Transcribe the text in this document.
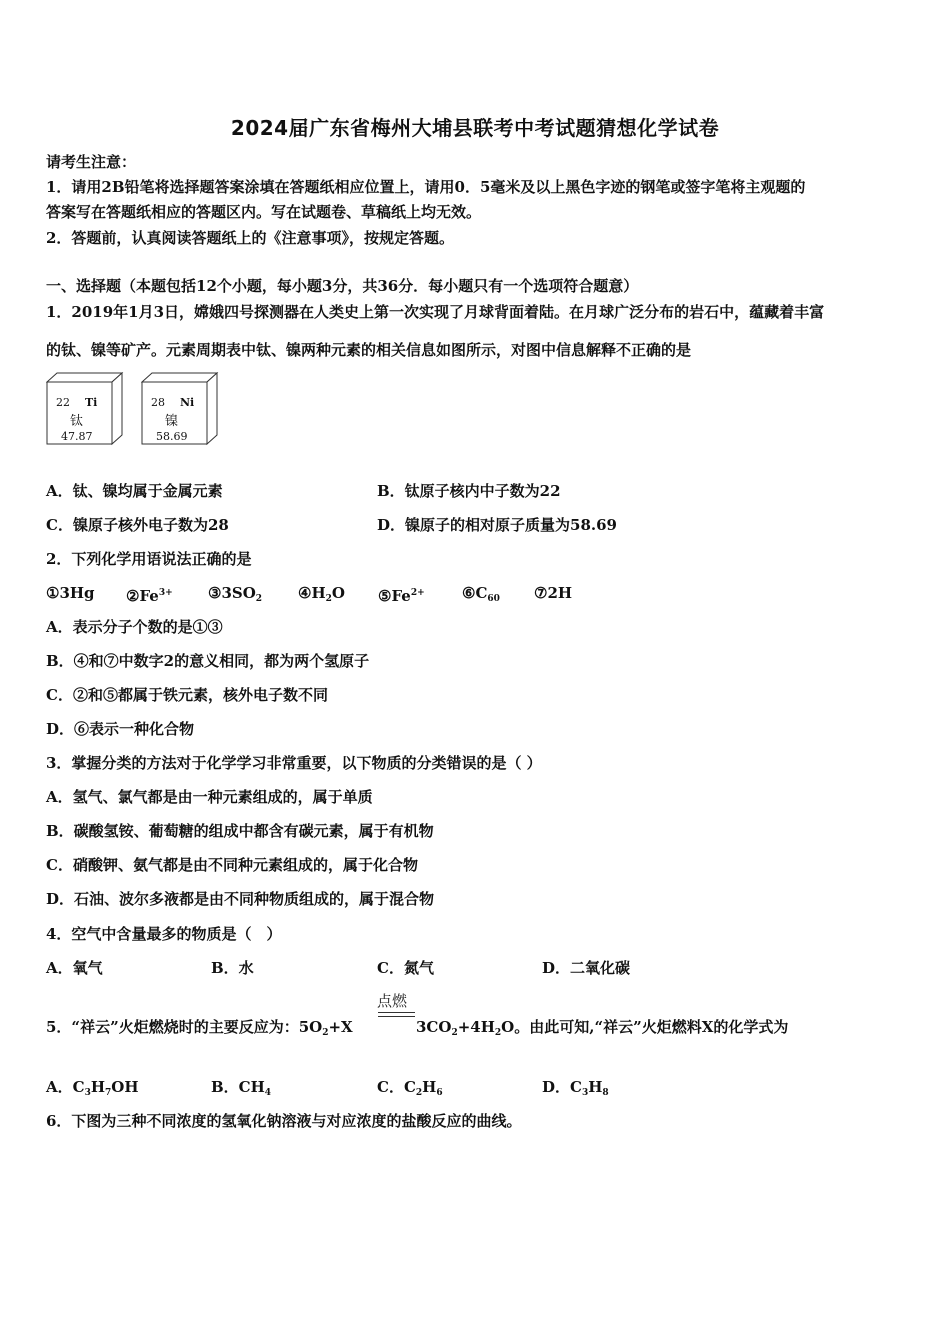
2024届广东省梅州大埔县联考中考试题猜想化学试卷
请考生注意：
1．请用2B铅笔将选择题答案涂填在答题纸相应位置上，请用0．5毫米及以上黑色字迹的钢笔或签字笔将主观题的
答案写在答题纸相应的答题区内。写在试题卷、草稿纸上均无效。
2．答题前，认真阅读答题纸上的《注意事项》，按规定答题。
一、选择题（本题包括12个小题，每小题3分，共36分．每小题只有一个选项符合题意）
1．2019年1月3日，嫦娥四号探测器在人类史上第一次实现了月球背面着陆。在月球广泛分布的岩石中，蕴藏着丰富
的钛、镍等矿产。元素周期表中钛、镍两种元素的相关信息如图所示，对图中信息解释不正确的是
22 Ti
钛
47.87
28 Ni
镍
58.69
A．钛、镍均属于金属元素	B．钛原子核内中子数为22
C．镍原子核外电子数为28	D．镍原子的相对原子质量为58.69
2．下列化学用语说法正确的是
①3Hg $②Fe^{3+}$ $③3SO_2$ $④H_2O$ $⑤Fe^{2+}$ $⑥C_{60}$ ⑦2H
A．表示分子个数的是①③
B．④和⑦中数字2的意义相同，都为两个氢原子
C．②和⑤都属于铁元素，核外电子数不同
D．⑥表示一种化合物
3．掌握分类的方法对于化学学习非常重要，以下物质的分类错误的是（ ）
A．氢气、氯气都是由一种元素组成的，属于单质
B．碳酸氢铵、葡萄糖的组成中都含有碳元素，属于有机物
C．硝酸钾、氨气都是由不同种元素组成的，属于化合物
D．石油、波尔多液都是由不同种物质组成的，属于混合物
4．空气中含量最多的物质是（　）
A．氧气	B．水	C．氮气	D．二氧化碳
点燃
5．“祥云”火炬燃烧时的主要反应为：$5O_2+X$	$3CO_2+4H_2O$。由此可知,“祥云”火炬燃料X的化学式为
A．$C_3H_7OH$	B．$CH_4$	C．$C_2H_6$	D．$C_3H_8$
6．下图为三种不同浓度的氢氧化钠溶液与对应浓度的盐酸反应的曲线。
